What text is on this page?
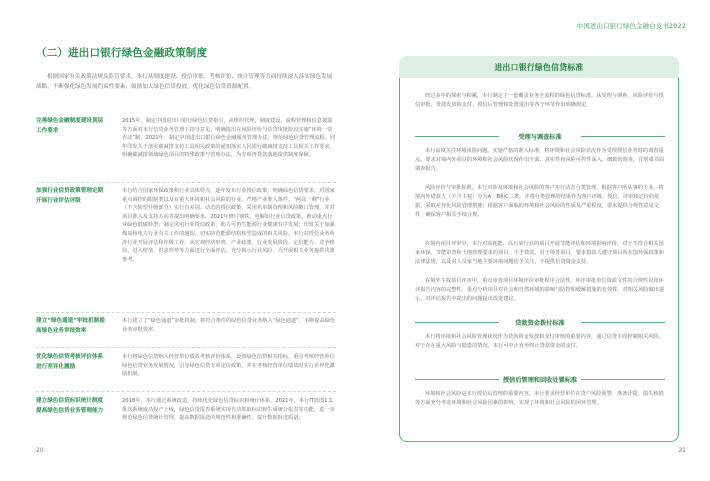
中国进出口银行绿色金融白皮书2022
（二）进出口银行绿色金融政策制度
根据国家有关政策法规及监管要求，本行从制度建设、授信审批、考核评价、统计管理等方面持续深入落实绿色发展战略，不断强化绿色发展约束性要素，鼓励加大绿色信贷投放，优化绿色信贷资源配置。
完善绿色金融制度建设顶层工作要求
2015年，制定中国进出口银行绿色信贷指引，从组织管理、制度建设、流程管理和信息披露等方面对本行信贷业务管理下指导意见，明确提出在风险评价与信贷审批阶段实施“环境一票否决”制。2021年，制定中国进出口银行绿色金融服务管理办法，规范绿色信贷管理流程。同年印发关于落实碳减排支持工具相关政策的通知落实人民银行碳减排支持工具相关工作要求，明确碳减排领域绿色项目的特殊政策与管理办法，为专项再贷款落地提供制度保障。
加强行业信贷政策管理定期开展行业评估评级
本行结合国家环保政策和行业具体特点，逐年发布行业授信政策，明确绿色信贷要求。对国家重点调控的限制类以及有重大环境和社会风险的行业，严格产业准入条件。“两高一剩”行业（不含转型升级部分）实行有差别、动态的授信政策，采用名单制管理和风险敞口管理，并对项目准入及支持方向等提出明确要求。2021年修订钢铁、电解铝行业信贷政策，推动重点行业绿色低碳转型；制定风电行业授信政策，助力可再生能源行业健康有序发展；印发关于加强煤炭和电力行业有关工作的通知，切实防范能源结构转型造成的相关风险。本行对授信业务所涉行业开展评估和评级工作，从宏观经济形势、产业政策、行业发展阶段、定价能力、竞争格局、进入壁垒、供求形势等方面进行全面评估，充分揭示行业风险，为开展相关业务提供决策参考。
建立“绿色通道”审批机制提高绿色业务审批效率
本行建立了“绿色通道”审批机制，将符合条件的绿色信贷业务纳入“绿色通道”，不断提高绿色业务审批效率。
优化绿色信贷考核评价体系进行差异化激励
本行将绿色信贷纳入经营单位绩效考核评价体系，设置绿色信贷相关指标，重点考核经营单位绿色信贷业务发展情况，引导绿色信贷专项定价政策，并在考核经营单位绩效时实行差异化激励机制。
建立绿色信贷标识统计制度提高绿色信贷业务管理能力
2018年，本行通过系统改造，持续优化绿色信贷标识和统计体系。2021年，本行IT蓝图1.1批次系统成功投产上线，绿色信贷报表系统实现自动抓取标识和生成统计报表等功能，进一步规范绿色信贷统计管理，提高数据报送的规范性和准确性。提升数据报送质量。
20
进出口银行绿色信贷标准
经过多年的探索与积累，本行制定了一套覆盖业务全流程的绿色信贷标准。从受理与调查、风险评价与授信审批、贷款发放和支付、授信后管理和处置退出等各个环节作出明确规定。
受理与调查标准
本行高度关注环境风险问题，实施严格的准入标准，将环境和社会风险状况作为受理授信业务时的调查重点。要求对境内外项目的环境和社会风险状况作出全面、真实性和风险可控性深入、细致的调查，并形成书面调查报告。
风险评价与审批标准。本行对涉及环境和社会风险的客户实行动态分类管理，根据客户所从事的主业，将境内外借款人（不含主权）分为A、B和C三类，并将分类管理的结果作为客户评级、授信、评审和定价的依据，采取差异化风险管理措施；根据客户面临的环境和社会风险的性质及严重程度，要求提供合规性意见文件，确保客户相关手续合规。
在境内项目评审中，本行对高耗能、高污染行业的项目开展节能评估和环境影响评价，对于不符合相关国家环保、节能审查和土地管理要求的项目，不予贷款。对于境外项目，要求借款人遵守项目所在国环保政策和法律法规，以及对人员家当地主要环境问题给予关注，不提供信贷资金支持。
在境外主权项目评审中，重点审查项目环境评价审批程序合法性、环评审批单位资质文件的合规性以及环评报告内容的完整性，重点分析项目对社会和自然环境的影响与防控和缓解措施的有效性，对相关风险做出提示，对评估报告中提出的问题提出改进建议。
贷款资金拨付标准
本行将环境和社会风险管理状况作为贷款资金发放和支付审核的重要内容，通过信贷手段控制相关风险。对于存在重大风险与隐患的情况，本行可中止直至终止贷款资金的支付。
授信后管理和回收处置标准
环境和社会风险是本行授信后管理的重要内容。本行要求经营单位在贷户风险预警、准备计提、损失核销等方面充分考虑环境和社会风险因素的影响，实现了环境和社会风险的闭环管理。
21
